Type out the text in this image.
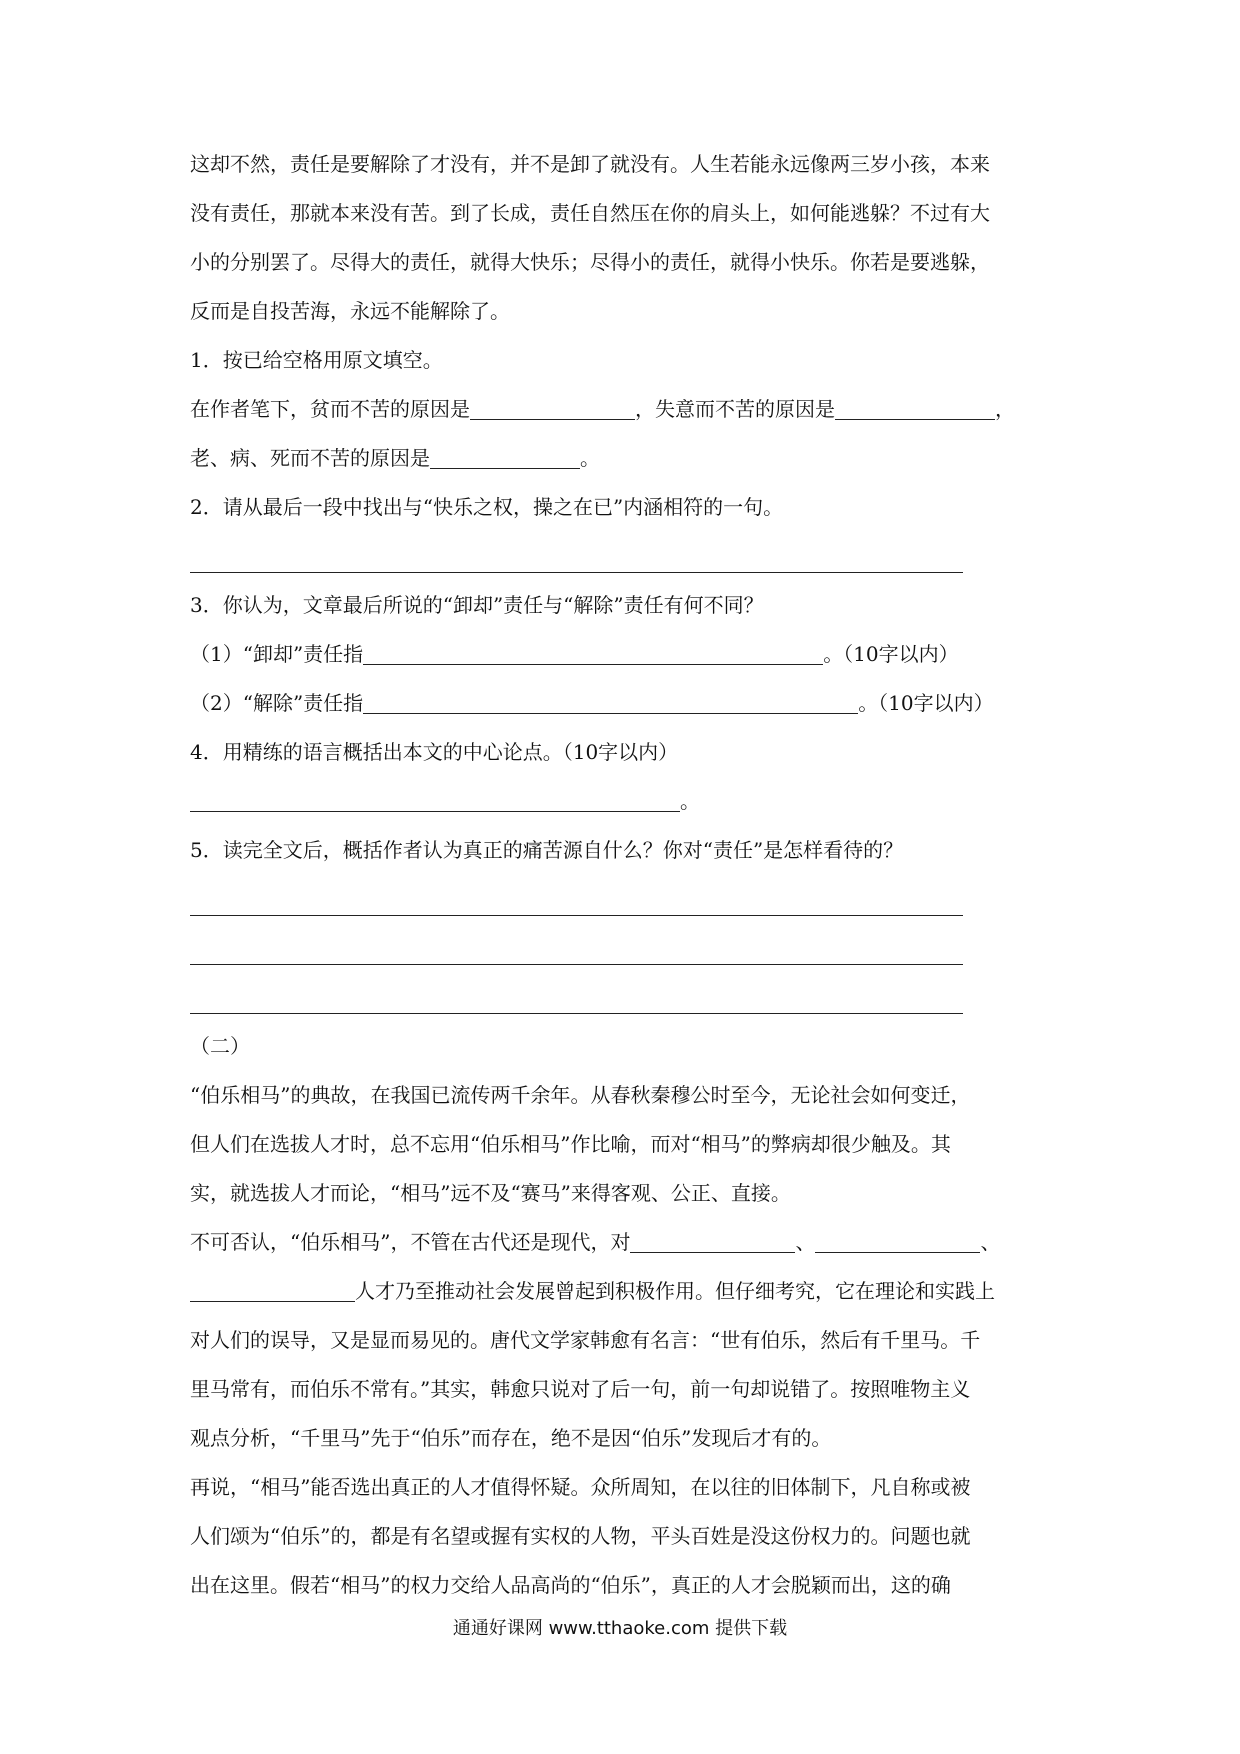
这却不然，责任是要解除了才没有，并不是卸了就没有。人生若能永远像两三岁小孩，本来
没有责任，那就本来没有苦。到了长成，责任自然压在你的肩头上，如何能逃躲？不过有大
小的分别罢了。尽得大的责任，就得大快乐；尽得小的责任，就得小快乐。你若是要逃躲，
反而是自投苦海，永远不能解除了。
1．按已给空格用原文填空。
在作者笔下，贫而不苦的原因是	，失意而不苦的原因是	，
老、病、死而不苦的原因是	。
2．请从最后一段中找出与“快乐之权，操之在已”内涵相符的一句。
3．你认为，文章最后所说的“卸却”责任与“解除”责任有何不同？
（1）“卸却”责任指	。（10字以内）
（2）“解除”责任指	。（10字以内）
4．用精练的语言概括出本文的中心论点。（10字以内）
。
5．读完全文后，概括作者认为真正的痛苦源自什么？你对“责任”是怎样看待的？
（二）
“伯乐相马”的典故，在我国已流传两千余年。从春秋秦穆公时至今，无论社会如何变迁，
但人们在选拔人才时，总不忘用“伯乐相马”作比喻，而对“相马”的弊病却很少触及。其
实，就选拔人才而论，“相马”远不及“赛马”来得客观、公正、直接。
不可否认，“伯乐相马”，不管在古代还是现代，对	、	、
人才乃至推动社会发展曾起到积极作用。但仔细考究，它在理论和实践上
对人们的误导，又是显而易见的。唐代文学家韩愈有名言：“世有伯乐，然后有千里马。千
里马常有，而伯乐不常有。”其实，韩愈只说对了后一句，前一句却说错了。按照唯物主义
观点分析，“千里马”先于“伯乐”而存在，绝不是因“伯乐”发现后才有的。
再说，“相马”能否选出真正的人才值得怀疑。众所周知，在以往的旧体制下，凡自称或被
人们颂为“伯乐”的，都是有名望或握有实权的人物，平头百姓是没这份权力的。问题也就
出在这里。假若“相马”的权力交给人品高尚的“伯乐”，真正的人才会脱颖而出，这的确
通通好课网 www.tthaoke.com 提供下载
